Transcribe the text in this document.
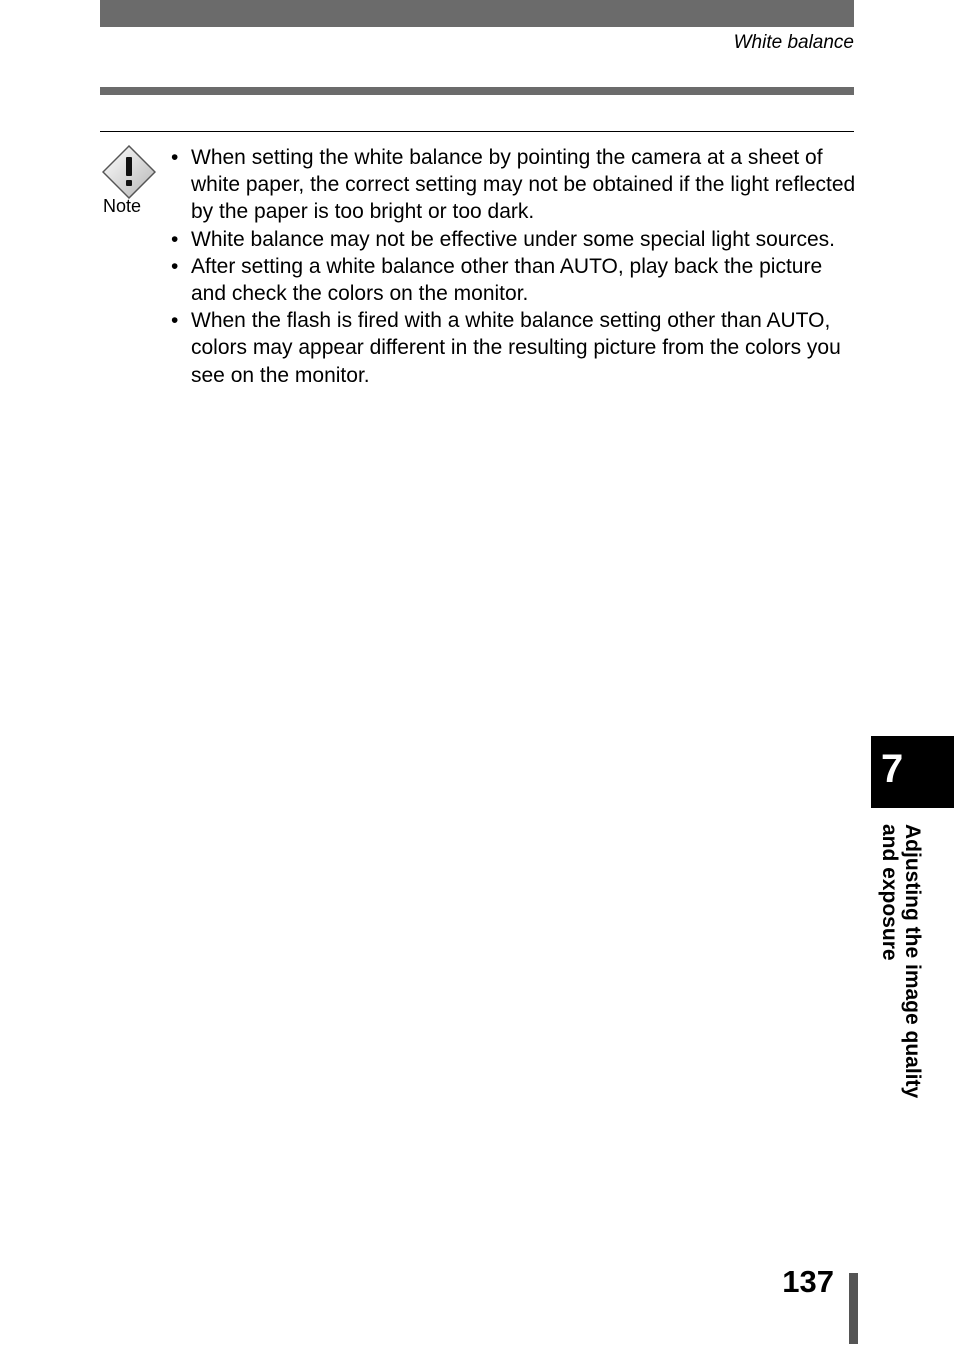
White balance
Note
• When setting the white balance by pointing the camera at a sheet of white paper, the correct setting may not be obtained if the light reflected by the paper is too bright or too dark.
• White balance may not be effective under some special light sources.
• After setting a white balance other than AUTO, play back the picture and check the colors on the monitor.
• When the flash is fired with a white balance setting other than AUTO, colors may appear different in the resulting picture from the colors you see on the monitor.
7
Adjusting the image quality
and exposure
137
